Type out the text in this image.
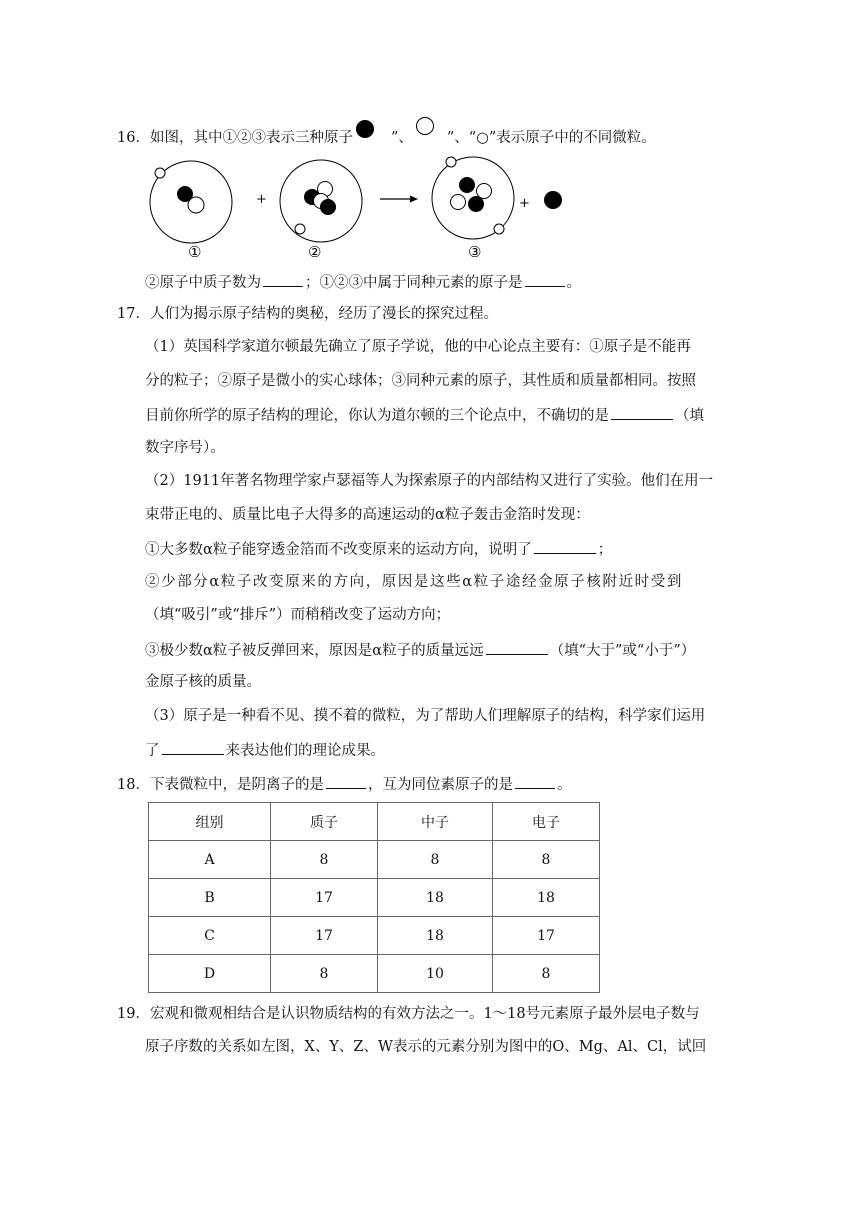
16．如图，其中①②③表示三种原子	”、 ”、“○”表示原子中的不同微粒。
+	+
①	②	③
②原子中质子数为	；①②③中属于同种元素的原子是	。
17．人们为揭示原子结构的奥秘，经历了漫长的探究过程。
（1）英国科学家道尔顿最先确立了原子学说，他的中心论点主要有：①原子是不能再
分的粒子；②原子是微小的实心球体；③同种元素的原子，其性质和质量都相同。按照
目前你所学的原子结构的理论，你认为道尔顿的三个论点中，不确切的是	（填
数字序号）。
（2）1911年著名物理学家卢瑟福等人为探索原子的内部结构又进行了实验。他们在用一
束带正电的、质量比电子大得多的高速运动的α粒子轰击金箔时发现：
①大多数α粒子能穿透金箔而不改变原来的运动方向，说明了	；
②少部分α粒子改变原来的方向，原因是这些α粒子途经金原子核附近时受到
（填“吸引”或“排斥”）而稍稍改变了运动方向；
③极少数α粒子被反弹回来，原因是α粒子的质量远远	（填“大于”或“小于”）
金原子核的质量。
（3）原子是一种看不见、摸不着的微粒，为了帮助人们理解原子的结构，科学家们运用
了	来表达他们的理论成果。
18．下表微粒中，是阴离子的是	，互为同位素原子的是	。
组别	质子	中子	电子
A	8	8	8
B	17	18	18
C	17	18	17
D	8	10	8
19．宏观和微观相结合是认识物质结构的有效方法之一。1～18号元素原子最外层电子数与
原子序数的关系如左图，X、Y、Z、W表示的元素分别为图中的O、Mg、Al、Cl，试回
